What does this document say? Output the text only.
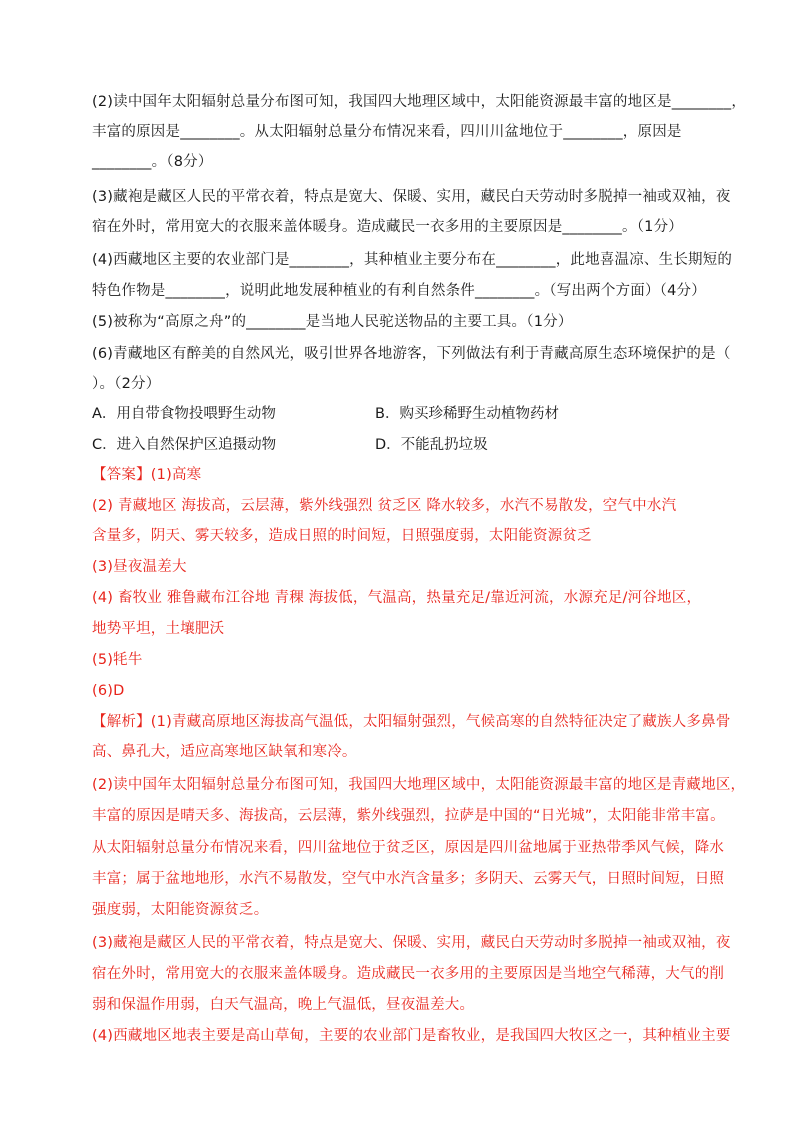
(2)读中国年太阳辐射总量分布图可知，我国四大地理区域中，太阳能资源最丰富的地区是________，
丰富的原因是________。从太阳辐射总量分布情况来看，四川川盆地位于________，原因是
________。（8分）
(3)藏袍是藏区人民的平常衣着，特点是宽大、保暖、实用，藏民白天劳动时多脱掉一袖或双袖，夜
宿在外时，常用宽大的衣服来盖体暖身。造成藏民一衣多用的主要原因是________。（1分）
(4)西藏地区主要的农业部门是________，其种植业主要分布在________，此地喜温凉、生长期短的
特色作物是________，说明此地发展种植业的有利自然条件________。（写出两个方面）（4分）
(5)被称为“高原之舟”的________是当地人民驼送物品的主要工具。（1分）
(6)青藏地区有醉美的自然风光，吸引世界各地游客，下列做法有利于青藏高原生态环境保护的是（
）。（2分）
A．用自带食物投喂野生动物	B．购买珍稀野生动植物药材
C．进入自然保护区追摄动物	D．不能乱扔垃圾
【答案】(1)高寒
(2) 青藏地区 海拔高，云层薄，紫外线强烈 贫乏区 降水较多，水汽不易散发，空气中水汽
含量多，阴天、雾天较多，造成日照的时间短，日照强度弱，太阳能资源贫乏
(3)昼夜温差大
(4) 畜牧业 雅鲁藏布江谷地 青稞 海拔低，气温高，热量充足/靠近河流，水源充足/河谷地区，
地势平坦，土壤肥沃
(5)牦牛
(6)D
【解析】(1)青藏高原地区海拔高气温低，太阳辐射强烈，气候高寒的自然特征决定了藏族人多鼻骨
高、鼻孔大，适应高寒地区缺氧和寒冷。
(2)读中国年太阳辐射总量分布图可知，我国四大地理区域中，太阳能资源最丰富的地区是青藏地区，
丰富的原因是晴天多、海拔高，云层薄，紫外线强烈，拉萨是中国的“日光城”，太阳能非常丰富。
从太阳辐射总量分布情况来看，四川盆地位于贫乏区，原因是四川盆地属于亚热带季风气候，降水
丰富；属于盆地地形，水汽不易散发，空气中水汽含量多；多阴天、云雾天气，日照时间短，日照
强度弱，太阳能资源贫乏。
(3)藏袍是藏区人民的平常衣着，特点是宽大、保暖、实用，藏民白天劳动时多脱掉一袖或双袖，夜
宿在外时，常用宽大的衣服来盖体暖身。造成藏民一衣多用的主要原因是当地空气稀薄，大气的削
弱和保温作用弱，白天气温高，晚上气温低，昼夜温差大。
(4)西藏地区地表主要是高山草甸，主要的农业部门是畜牧业，是我国四大牧区之一，其种植业主要
